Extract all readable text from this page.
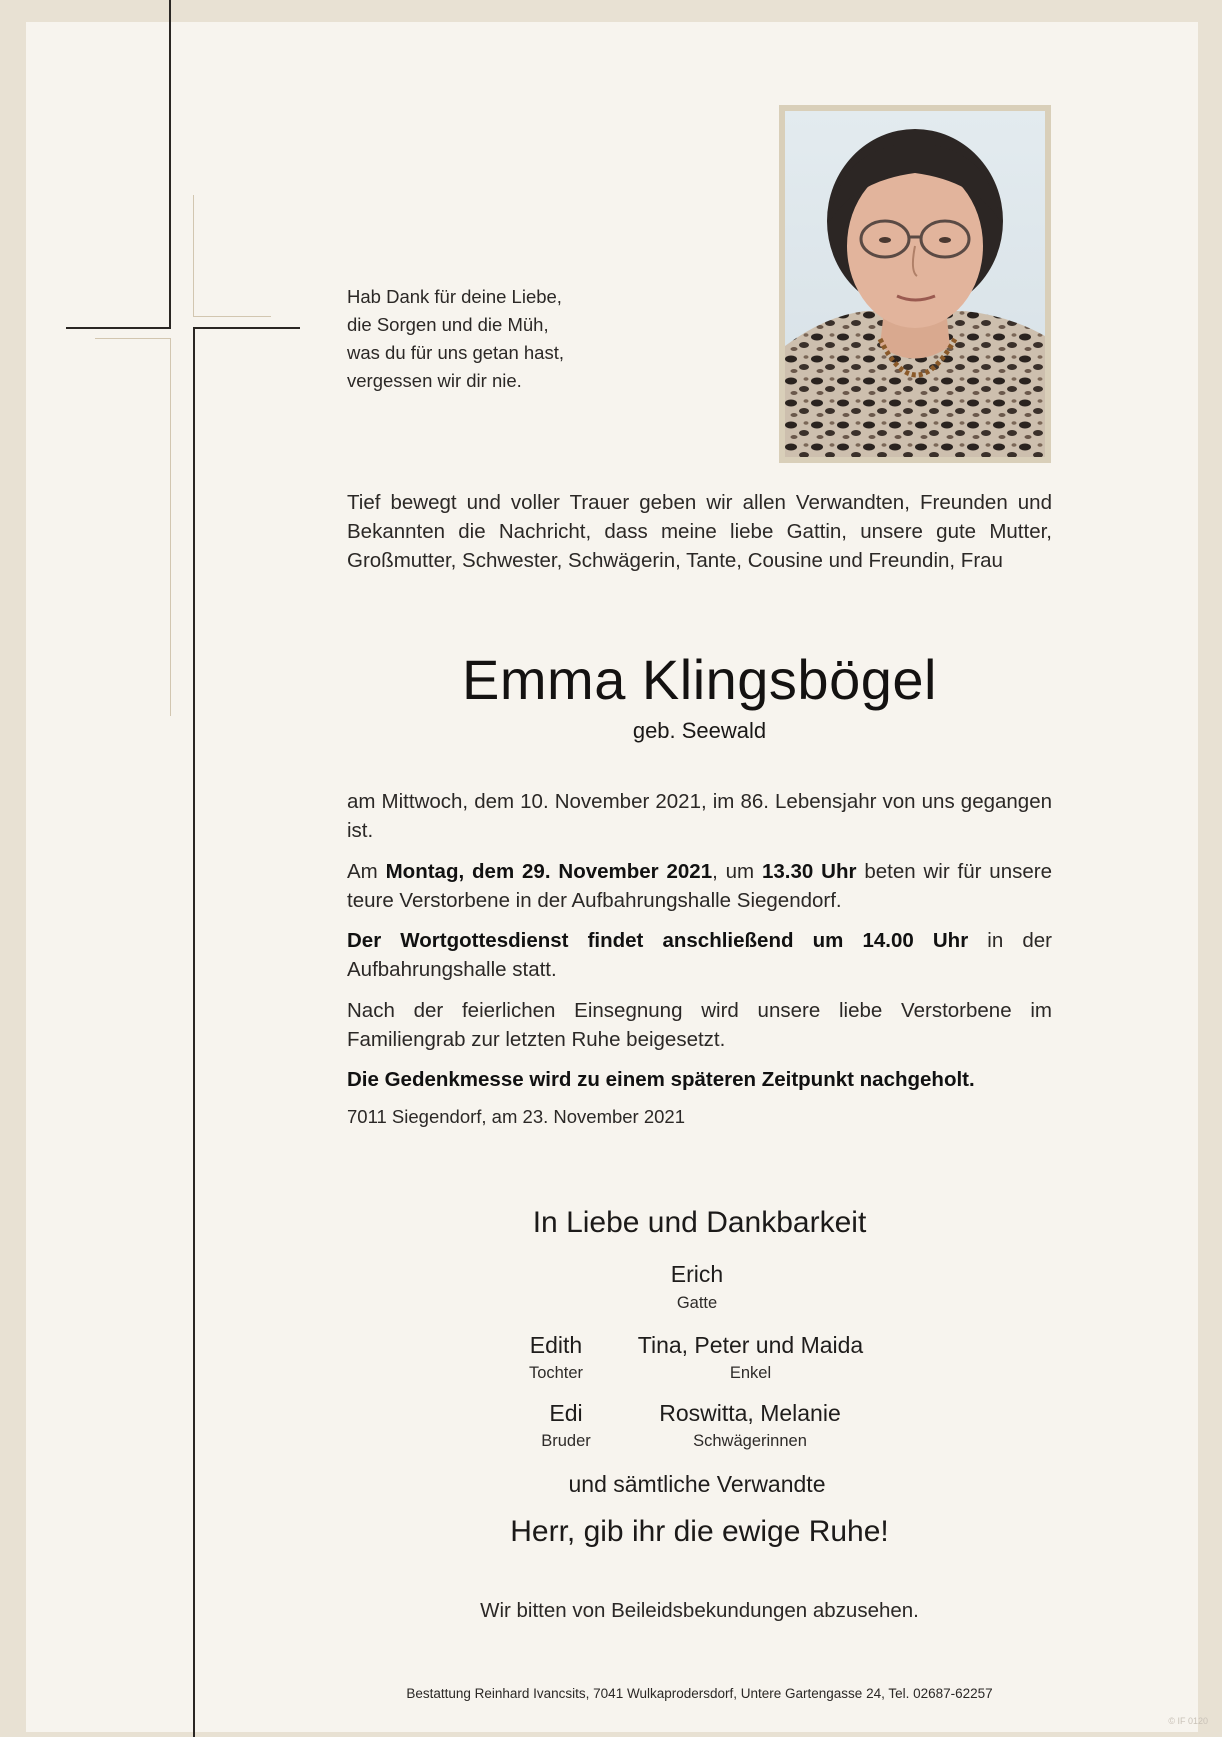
Hab Dank für deine Liebe,
die Sorgen und die Müh,
was du für uns getan hast,
vergessen wir dir nie.
Tief bewegt und voller Trauer geben wir allen Verwandten, Freunden und Bekannten die Nachricht, dass meine liebe Gattin, unsere gute Mutter, Großmutter, Schwester, Schwägerin, Tante, Cousine und Freundin, Frau
Emma Klingsbögel
geb. Seewald
am Mittwoch, dem 10. November 2021, im 86. Lebensjahr von uns gegangen ist.
Am Montag, dem 29. November 2021, um 13.30 Uhr beten wir für unsere teure Verstorbene in der Aufbahrungshalle Siegendorf.
Der Wortgottesdienst findet anschließend um 14.00 Uhr in der Aufbahrungshalle statt.
Nach der feierlichen Einsegnung wird unsere liebe Verstorbene im Familiengrab zur letzten Ruhe beigesetzt.
Die Gedenkmesse wird zu einem späteren Zeitpunkt nachgeholt.
7011 Siegendorf, am 23. November 2021
In Liebe und Dankbarkeit
Erich
Gatte
Edith
Tochter
Tina, Peter und Maida
Enkel
Edi
Bruder
Roswitta, Melanie
Schwägerinnen
und sämtliche Verwandte
Herr, gib ihr die ewige Ruhe!
Wir bitten von Beileidsbekundungen abzusehen.
Bestattung Reinhard Ivancsits, 7041 Wulkaprodersdorf, Untere Gartengasse 24, Tel. 02687-62257
© IF 0120
